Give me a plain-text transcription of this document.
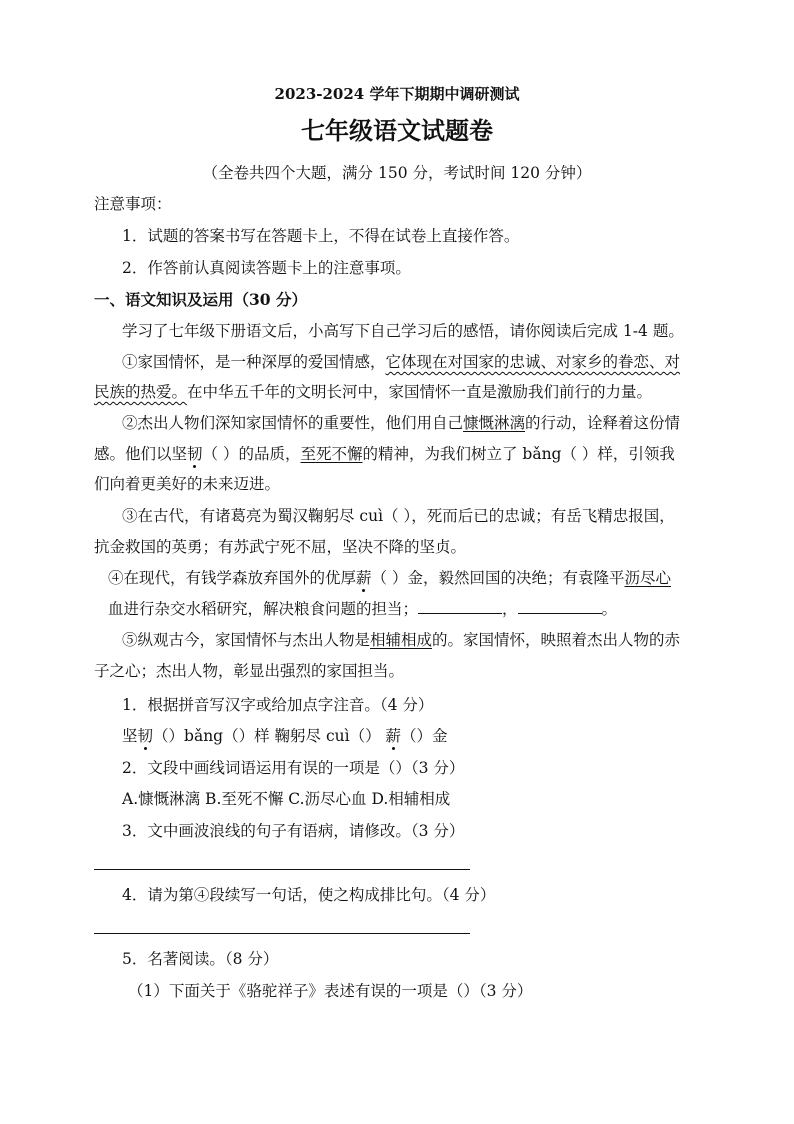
2023-2024 学年下期期中调研测试
七年级语文试题卷
（全卷共四个大题，满分 150 分，考试时间 120 分钟）
注意事项：
1．试题的答案书写在答题卡上，不得在试卷上直接作答。
2．作答前认真阅读答题卡上的注意事项。
一、语文知识及运用（30 分）
学习了七年级下册语文后，小高写下自己学习后的感悟，请你阅读后完成 1-4 题。
①家国情怀，是一种深厚的爱国情感，它体现在对国家的忠诚、对家乡的眷恋、对
民族的热爱。在中华五千年的文明长河中，家国情怀一直是激励我们前行的力量。
②杰出人物们深知家国情怀的重要性，他们用自己慷慨淋漓的行动，诠释着这份情
感。他们以坚韧（ ）的品质，至死不懈的精神，为我们树立了 bǎng（ ）样，引领我
们向着更美好的未来迈进。
③在古代，有诸葛亮为蜀汉鞠躬尽 cuì（ ），死而后已的忠诚；有岳飞精忠报国，
抗金救国的英勇；有苏武宁死不屈，坚决不降的坚贞。
④在现代，有钱学森放弃国外的优厚薪（ ）金，毅然回国的决绝；有袁隆平沥尽心
血进行杂交水稻研究，解决粮食问题的担当；	，	。
⑤纵观古今，家国情怀与杰出人物是相辅相成的。家国情怀，映照着杰出人物的赤
子之心；杰出人物，彰显出强烈的家国担当。
1．根据拼音写汉字或给加点字注音。（4 分）
坚韧（）bǎng（）样 鞠躬尽 cuì（） 薪（）金
2．文段中画线词语运用有误的一项是（）（3 分）
A.慷慨淋漓 B.至死不懈 C.沥尽心血 D.相辅相成
3．文中画波浪线的句子有语病，请修改。（3 分）
4．请为第④段续写一句话，使之构成排比句。（4 分）
5．名著阅读。（8 分）
（1）下面关于《骆驼祥子》表述有误的一项是（）（3 分）
